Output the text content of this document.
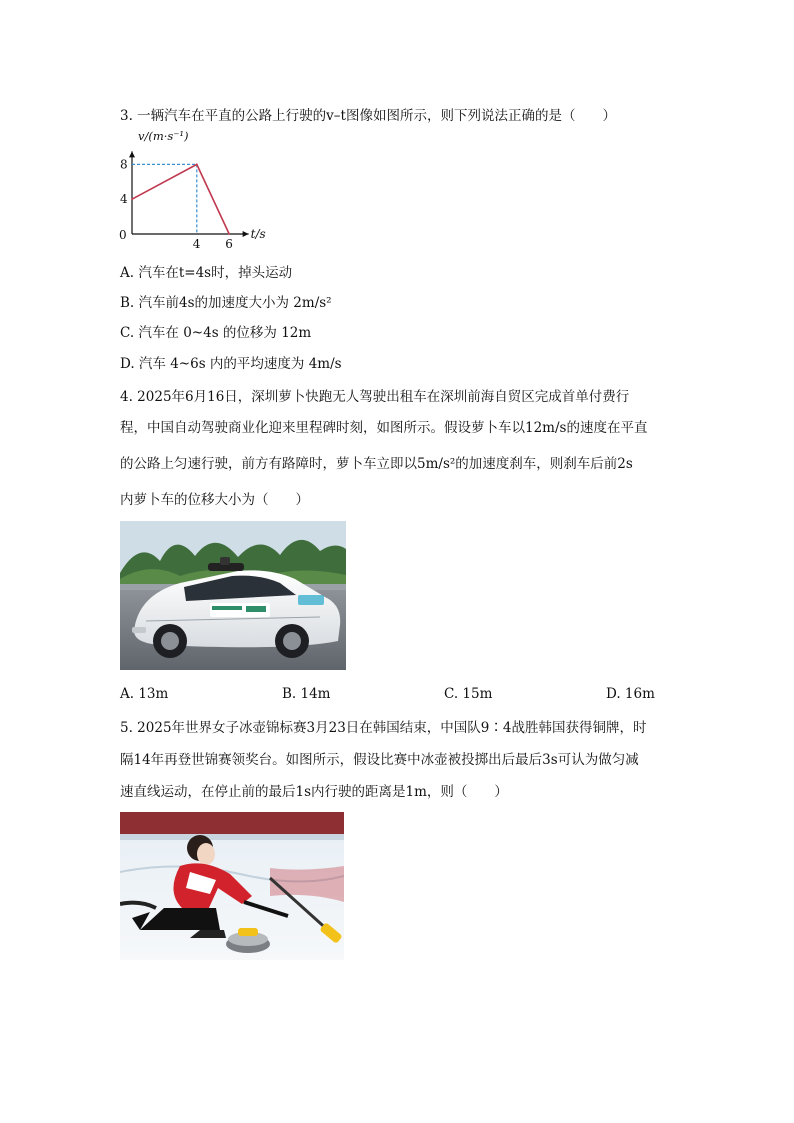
3. 一辆汽车在平直的公路上行驶的v–t图像如图所示，则下列说法正确的是（　　）
0
4
8
4 6
v/(m·s⁻¹)
t/s
A. 汽车在t=4s时，掉头运动
B. 汽车前4s的加速度大小为 2m/s²
C. 汽车在 0~4s 的位移为 12m
D. 汽车 4~6s 内的平均速度为 4m/s
4. 2025年6月16日，深圳萝卜快跑无人驾驶出租车在深圳前海自贸区完成首单付费行
程，中国自动驾驶商业化迎来里程碑时刻，如图所示。假设萝卜车以12m/s的速度在平直
的公路上匀速行驶，前方有路障时，萝卜车立即以5m/s²的加速度刹车，则刹车后前2s
内萝卜车的位移大小为（　　）
A. 13m	B. 14m	C. 15m	D. 16m
5. 2025年世界女子冰壶锦标赛3月23日在韩国结束，中国队9∶4战胜韩国获得铜牌，时
隔14年再登世锦赛领奖台。如图所示，假设比赛中冰壶被投掷出后最后3s可认为做匀减
速直线运动，在停止前的最后1s内行驶的距离是1m，则（　　）
